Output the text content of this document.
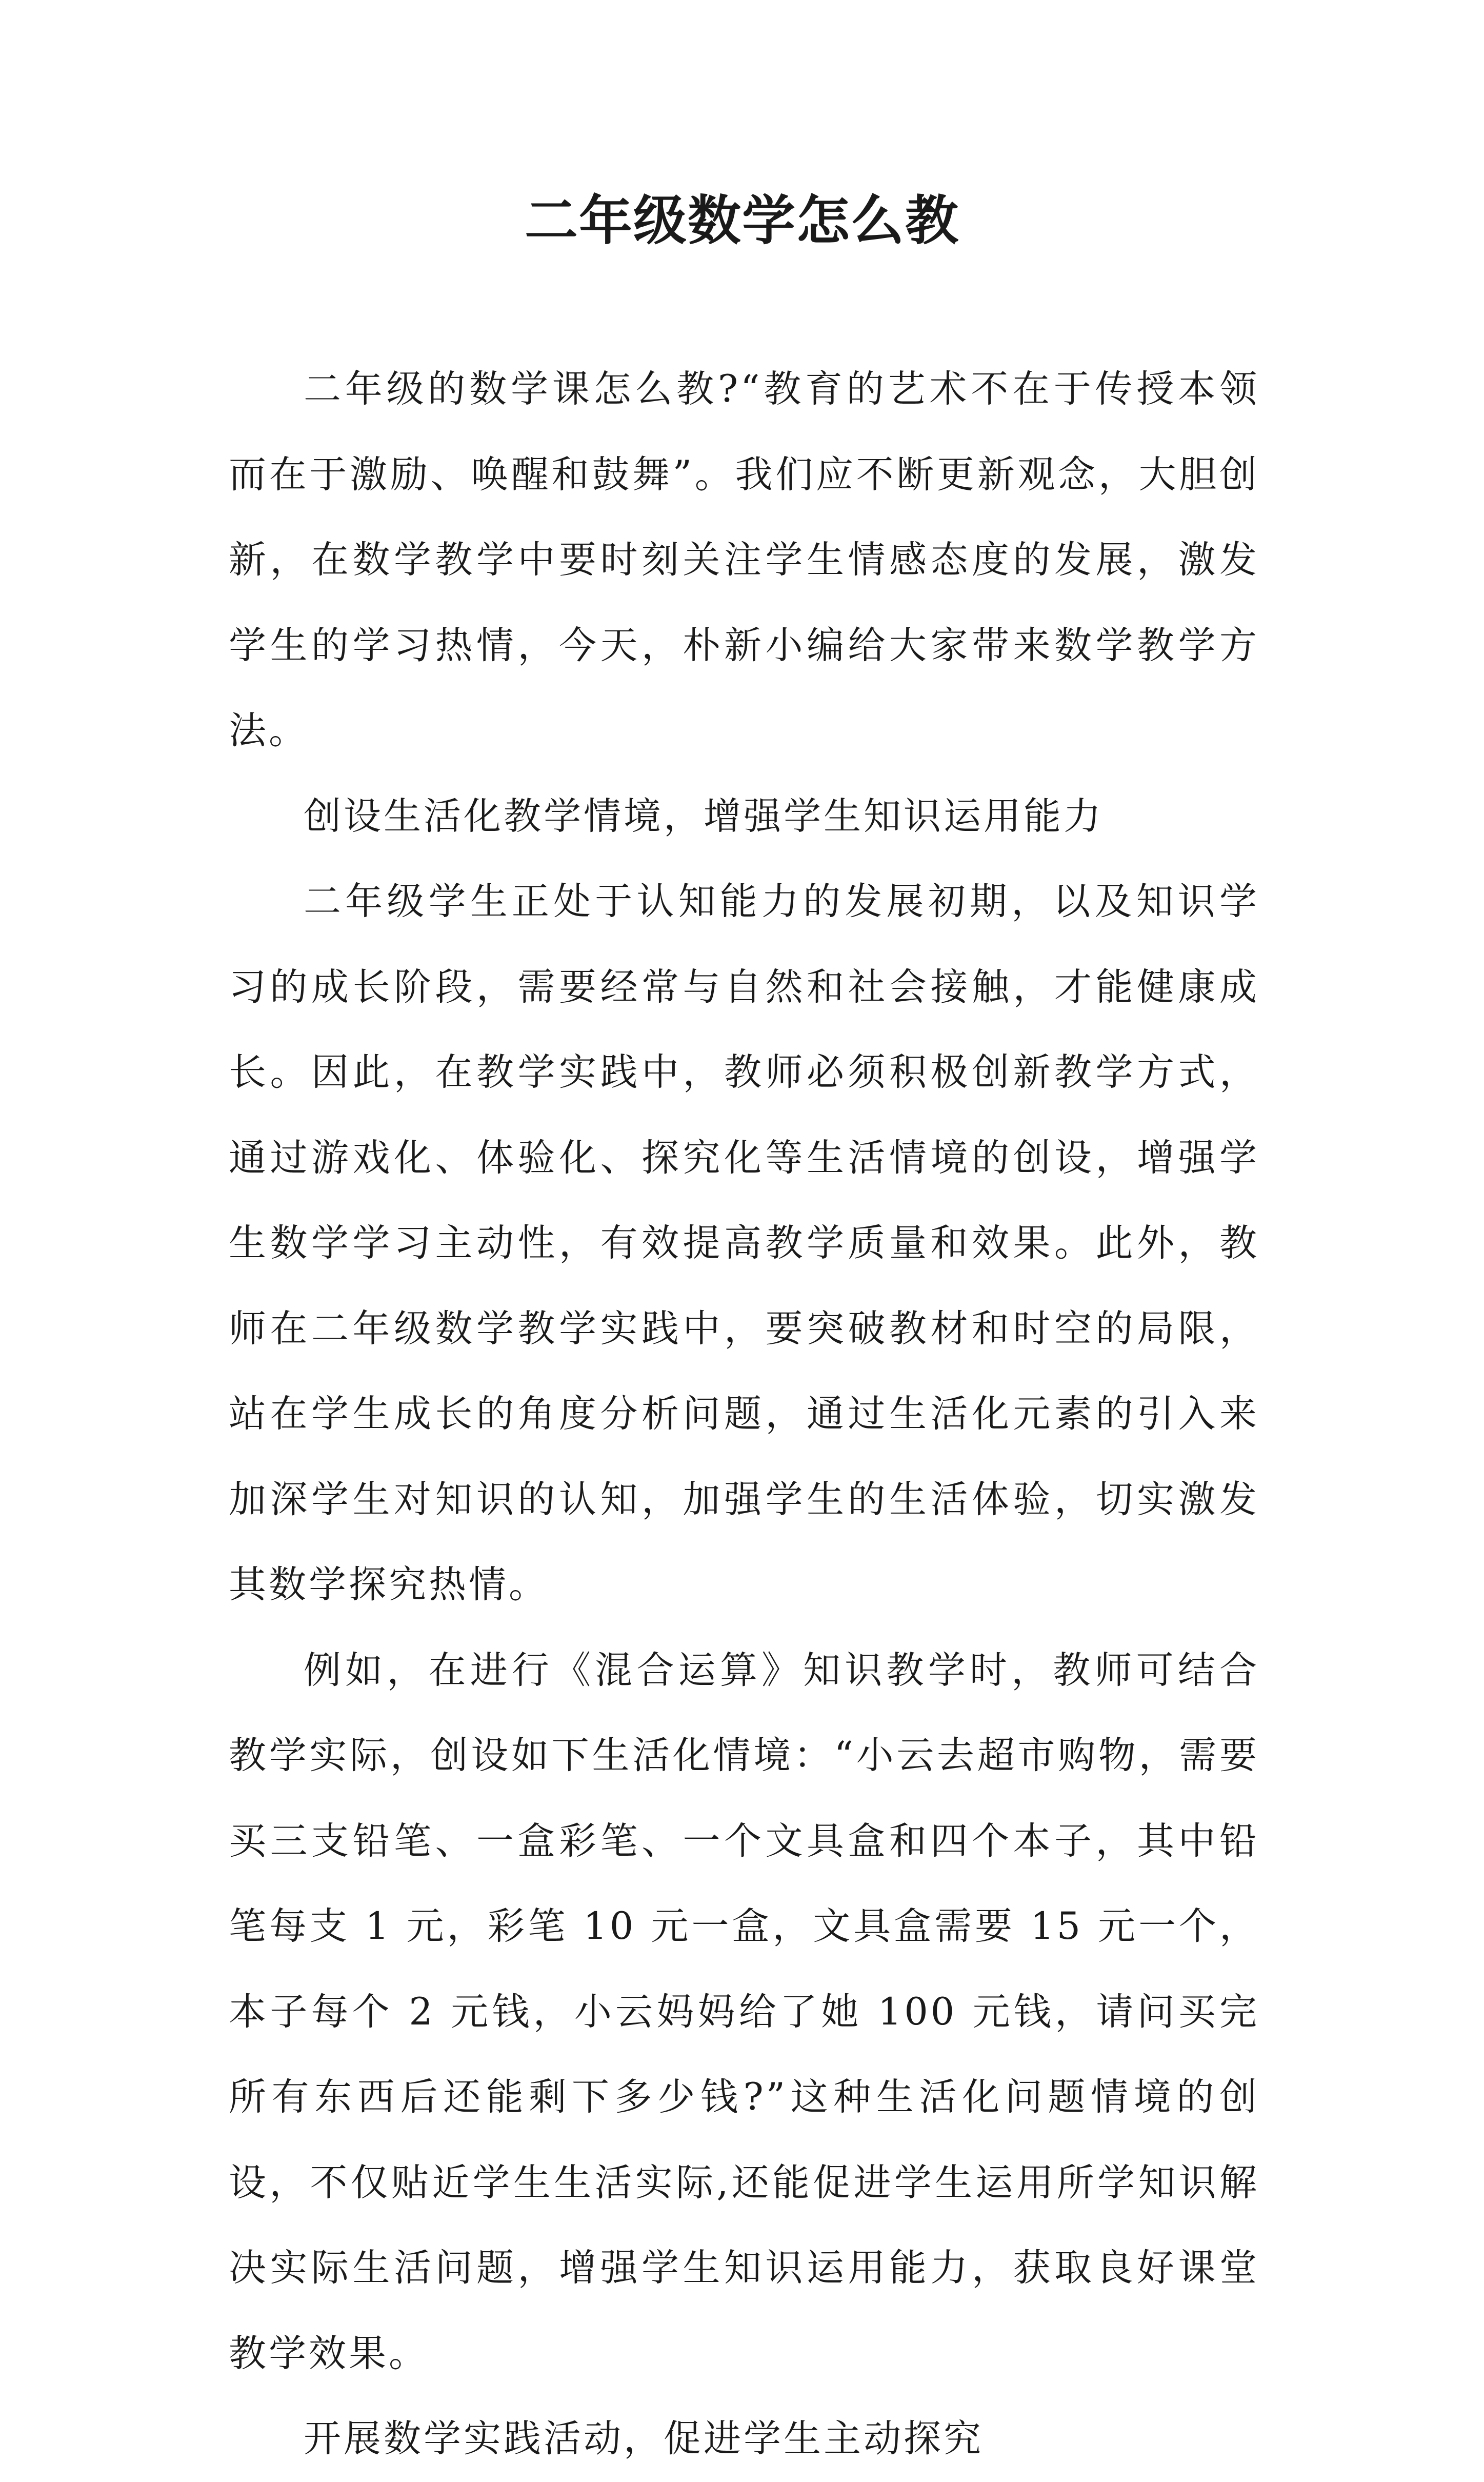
二年级数学怎么教

二年级的数学课怎么教?“教育的艺术不在于传授本领而在于激励、唤醒和鼓舞”。我们应不断更新观念，大胆创新，在数学教学中要时刻关注学生情感态度的发展，激发学生的学习热情，今天，朴新小编给大家带来数学教学方法。

创设生活化教学情境，增强学生知识运用能力

二年级学生正处于认知能力的发展初期，以及知识学习的成长阶段，需要经常与自然和社会接触，才能健康成长。因此，在教学实践中，教师必须积极创新教学方式，通过游戏化、体验化、探究化等生活情境的创设，增强学生数学学习主动性，有效提高教学质量和效果。此外，教师在二年级数学教学实践中，要突破教材和时空的局限，站在学生成长的角度分析问题，通过生活化元素的引入来加深学生对知识的认知，加强学生的生活体验，切实激发其数学探究热情。

例如，在进行《混合运算》知识教学时，教师可结合教学实际，创设如下生活化情境：“小云去超市购物，需要买三支铅笔、一盒彩笔、一个文具盒和四个本子，其中铅笔每支 1 元，彩笔 10 元一盒，文具盒需要 15 元一个，本子每个 2 元钱，小云妈妈给了她 100 元钱，请问买完所有东西后还能剩下多少钱?”这种生活化问题情境的创设，不仅贴近学生生活实际,还能促进学生运用所学知识解决实际生活问题，增强学生知识运用能力，获取良好课堂教学效果。

开展数学实践活动，促进学生主动探究
